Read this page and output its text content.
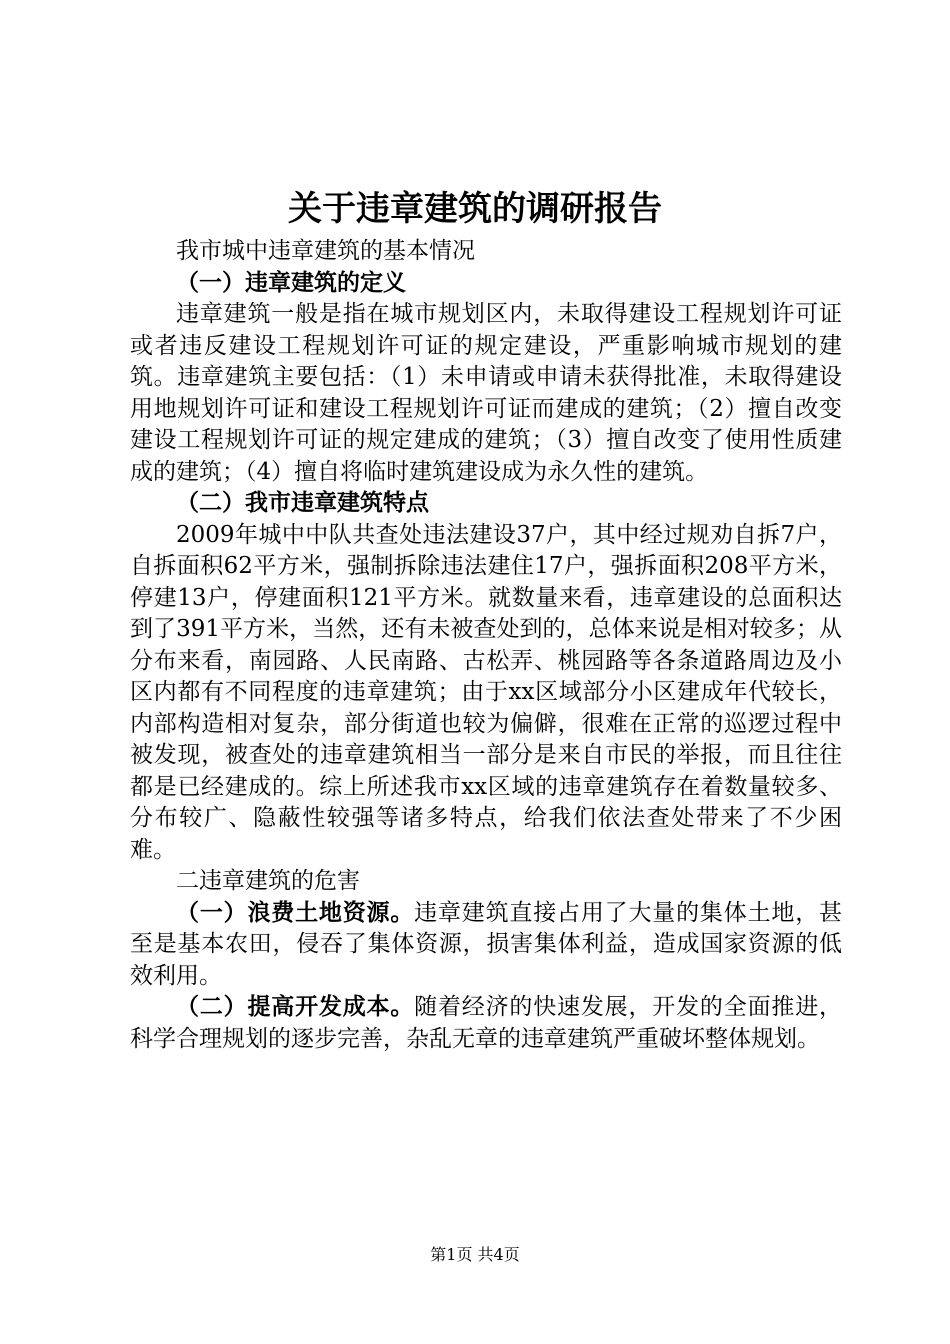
关于违章建筑的调研报告

我市城中违章建筑的基本情况

（一）违章建筑的定义

违章建筑一般是指在城市规划区内，未取得建设工程规划许可证或者违反建设工程规划许可证的规定建设，严重影响城市规划的建筑。违章建筑主要包括：（1）未申请或申请未获得批准，未取得建设用地规划许可证和建设工程规划许可证而建成的建筑；（2）擅自改变建设工程规划许可证的规定建成的建筑；（3）擅自改变了使用性质建成的建筑；（4）擅自将临时建筑建设成为永久性的建筑。

（二）我市违章建筑特点

2009年城中中队共查处违法建设37户，其中经过规劝自拆7户，自拆面积62平方米，强制拆除违法建住17户，强拆面积208平方米，停建13户，停建面积121平方米。就数量来看，违章建设的总面积达到了391平方米，当然，还有未被查处到的，总体来说是相对较多；从分布来看，南园路、人民南路、古松弄、桃园路等各条道路周边及小区内都有不同程度的违章建筑；由于xx区域部分小区建成年代较长，内部构造相对复杂，部分街道也较为偏僻，很难在正常的巡逻过程中被发现，被查处的违章建筑相当一部分是来自市民的举报，而且往往都是已经建成的。综上所述我市xx区域的违章建筑存在着数量较多、分布较广、隐蔽性较强等诸多特点，给我们依法查处带来了不少困难。

二违章建筑的危害

（一）浪费土地资源。违章建筑直接占用了大量的集体土地，甚至是基本农田，侵吞了集体资源，损害集体利益，造成国家资源的低效利用。

（二）提高开发成本。随着经济的快速发展，开发的全面推进，科学合理规划的逐步完善，杂乱无章的违章建筑严重破坏整体规划。

第1页 共4页
